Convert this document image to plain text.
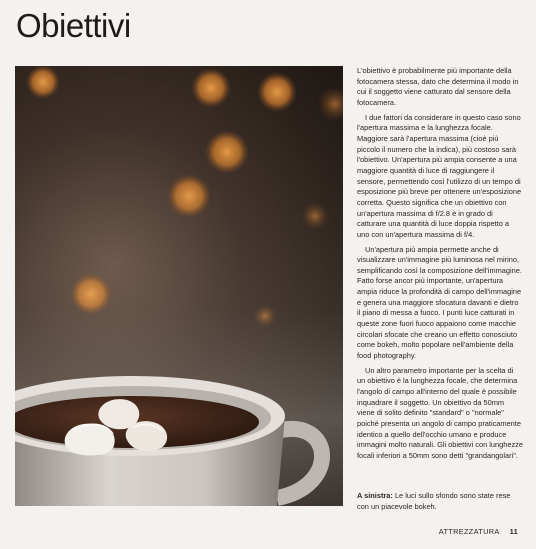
Obiettivi

L'obiettivo è probabilmente più importante della fotocamera stessa, dato che determina il modo in cui il soggetto viene catturato dal sensore della fotocamera.

I due fattori da considerare in questo caso sono l'apertura massima e la lunghezza focale. Maggiore sarà l'apertura massima (cioè più piccolo il numero che la indica), più costoso sarà l'obiettivo. Un'apertura più ampia consente a una maggiore quantità di luce di raggiungere il sensore, permettendo così l'utilizzo di un tempo di esposizione più breve per ottenere un'esposizione corretta. Questo significa che un obiettivo con un'apertura massima di f/2.8 è in grado di catturare una quantità di luce doppia rispetto a uno con un'apertura massima di f/4.

Un'apertura più ampia permette anche di visualizzare un'immagine più luminosa nel mirino, semplificando così la composizione dell'immagine. Fatto forse ancor più importante, un'apertura ampia riduce la profondità di campo dell'immagine e genera una maggiore sfocatura davanti e dietro il piano di messa a fuoco. I punti luce catturati in queste zone fuori fuoco appaiono come macchie circolari sfocate che creano un effetto conosciuto come bokeh, molto popolare nell'ambiente della food photography.

Un altro parametro importante per la scelta di un obiettivo è la lunghezza focale, che determina l'angolo di campo all'interno del quale è possibile inquadrare il soggetto. Un obiettivo da 50mm viene di solito definito "standard" o "normale" poiché presenta un angolo di campo praticamente identico a quello dell'occhio umano e produce immagini molto naturali. Gli obiettivi con lunghezze focali inferiori a 50mm sono detti "grandangolari".

A sinistra: Le luci sullo sfondo sono state rese con un piacevole bokeh.
ATTREZZATURA 11
